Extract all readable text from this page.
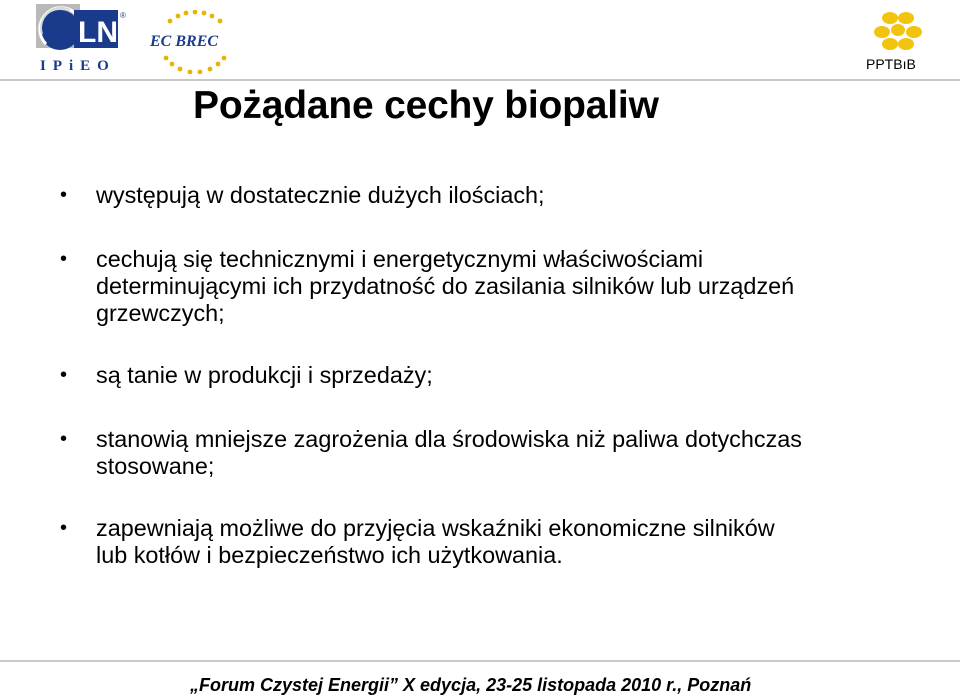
LN
®
IPiEO
EC BREC
PPTBıB
Pożądane cechy biopaliw
• występują w dostatecznie dużych ilościach;
• cechują się technicznymi i energetycznymi właściwościami
determinującymi ich przydatność do zasilania silników lub urządzeń
grzewczych;
• są tanie w produkcji i sprzedaży;
• stanowią mniejsze zagrożenia dla środowiska niż paliwa dotychczas
stosowane;
• zapewniają możliwe do przyjęcia wskaźniki ekonomiczne silników
lub kotłów i bezpieczeństwo ich użytkowania.
„Forum Czystej Energii” X edycja, 23-25 listopada 2010 r., Poznań
